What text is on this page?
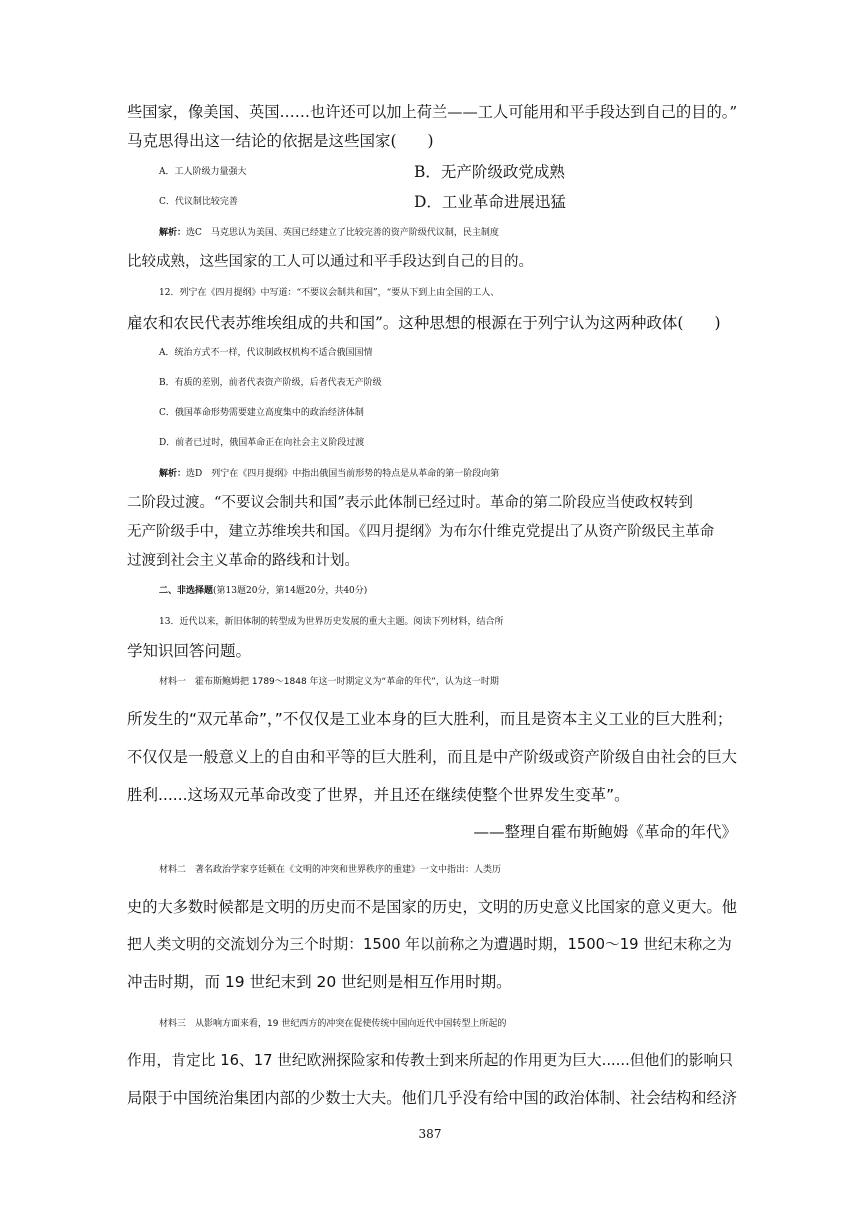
些国家，像美国、英国……也许还可以加上荷兰——工人可能用和平手段达到自己的目的。”
马克思得出这一结论的依据是这些国家(　　)
A．工人阶级力量强大	B．无产阶级政党成熟
C．代议制比较完善	D．工业革命进展迅猛
解析：选C　马克思认为美国、英国已经建立了比较完善的资产阶级代议制，民主制度
比较成熟，这些国家的工人可以通过和平手段达到自己的目的。
12．列宁在《四月提纲》中写道：“不要议会制共和国”，“要从下到上由全国的工人、
雇农和农民代表苏维埃组成的共和国”。这种思想的根源在于列宁认为这两种政体(　　)
A．统治方式不一样，代议制政权机构不适合俄国国情
B．有质的差别，前者代表资产阶级，后者代表无产阶级
C．俄国革命形势需要建立高度集中的政治经济体制
D．前者已过时，俄国革命正在向社会主义阶段过渡
解析：选D　列宁在《四月提纲》中指出俄国当前形势的特点是从革命的第一阶段向第
二阶段过渡。“不要议会制共和国”表示此体制已经过时。革命的第二阶段应当使政权转到
无产阶级手中，建立苏维埃共和国。《四月提纲》为布尔什维克党提出了从资产阶级民主革命
过渡到社会主义革命的路线和计划。
二、非选择题(第13题20分，第14题20分，共40分)
13．近代以来，新旧体制的转型成为世界历史发展的重大主题。阅读下列材料，结合所
学知识回答问题。
材料一　霍布斯鲍姆把 1789～1848 年这一时期定义为“革命的年代”，认为这一时期
所发生的“双元革命”，”不仅仅是工业本身的巨大胜利，而且是资本主义工业的巨大胜利；
不仅仅是一般意义上的自由和平等的巨大胜利，而且是中产阶级或资产阶级自由社会的巨大
胜利......这场双元革命改变了世界，并且还在继续使整个世界发生变革”。
——整理自霍布斯鲍姆《革命的年代》
材料二　著名政治学家亨廷顿在《文明的冲突和世界秩序的重建》一文中指出：人类历
史的大多数时候都是文明的历史而不是国家的历史，文明的历史意义比国家的意义更大。他
把人类文明的交流划分为三个时期：1500 年以前称之为遭遇时期，1500～19 世纪末称之为
冲击时期，而 19 世纪末到 20 世纪则是相互作用时期。
材料三　从影响方面来看，19 世纪西方的冲突在促使传统中国向近代中国转型上所起的
作用，肯定比 16、17 世纪欧洲探险家和传教士到来所起的作用更为巨大......但他们的影响只
局限于中国统治集团内部的少数士大夫。他们几乎没有给中国的政治体制、社会结构和经济
387
